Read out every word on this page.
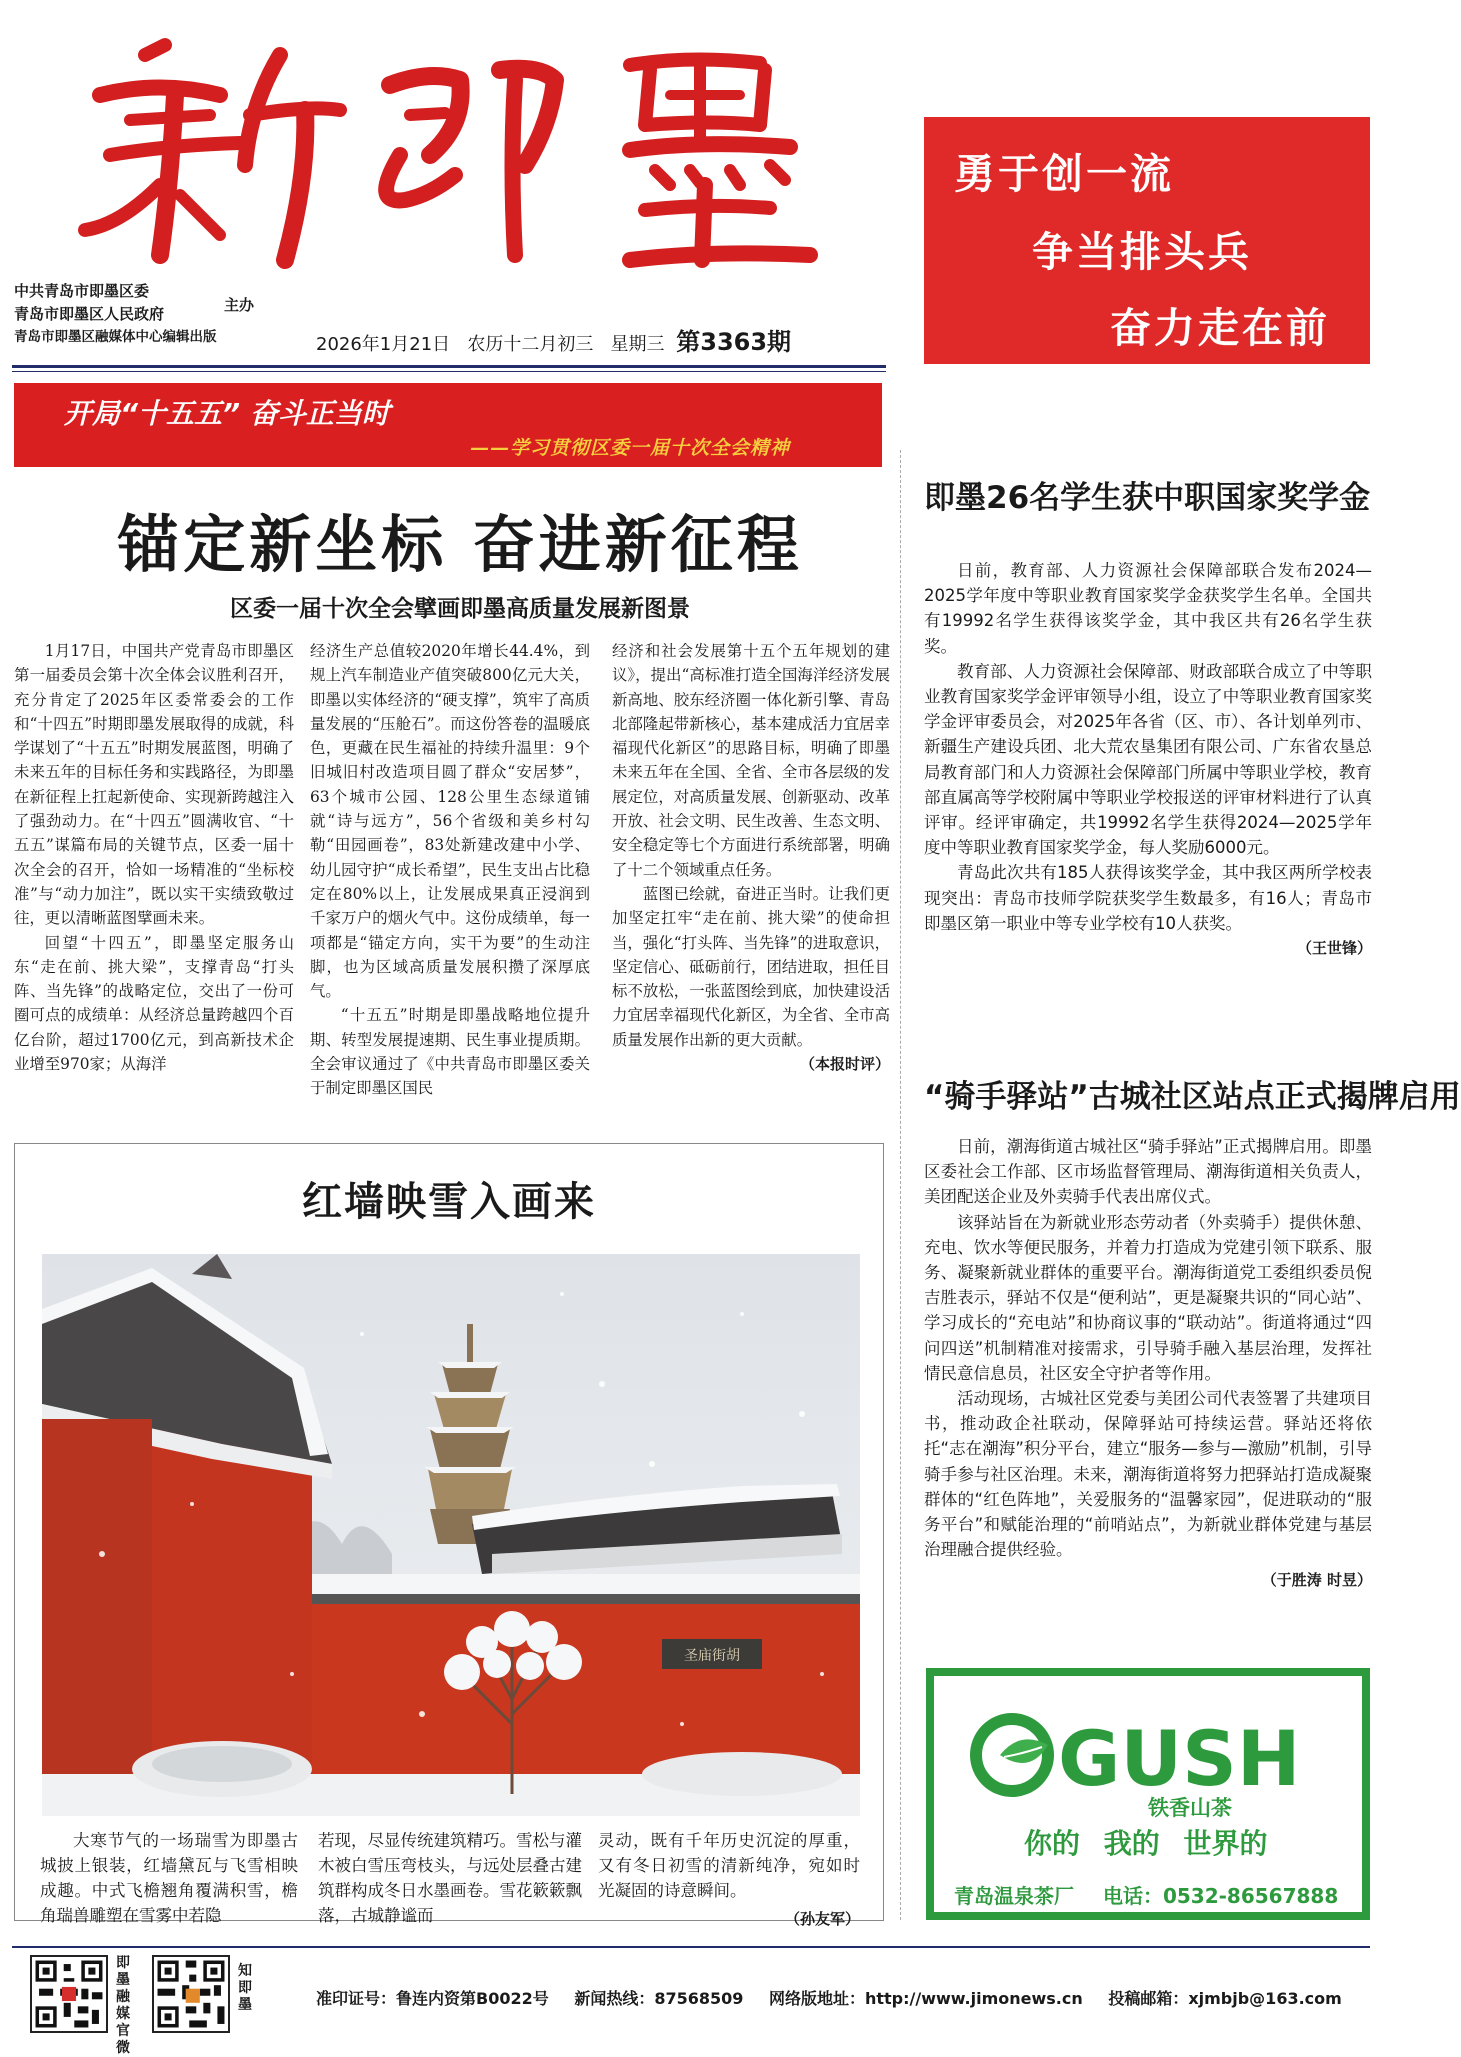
新即墨
中共青岛市即墨区委
青岛市即墨区人民政府
青岛市即墨区融媒体中心编辑出版
主办
2026年1月21日 农历十二月初三 星期三 第3363期
勇于创一流
争当排头兵
奋力走在前
开局“十五五” 奋斗正当时
——学习贯彻区委一届十次全会精神
锚定新坐标 奋进新征程
区委一届十次全会擘画即墨高质量发展新图景

1月17日，中国共产党青岛市即墨区第一届委员会第十次全体会议胜利召开，充分肯定了2025年区委常委会的工作和“十四五”时期即墨发展取得的成就，科学谋划了“十五五”时期发展蓝图，明确了未来五年的目标任务和实践路径，为即墨在新征程上扛起新使命、实现新跨越注入了强劲动力。在“十四五”圆满收官、“十五五”谋篇布局的关键节点，区委一届十次全会的召开，恰如一场精准的“坐标校准”与“动力加注”，既以实干实绩致敬过往，更以清晰蓝图擘画未来。

回望“十四五”，即墨坚定服务山东“走在前、挑大梁”，支撑青岛“打头阵、当先锋”的战略定位，交出了一份可圈可点的成绩单：从经济总量跨越四个百亿台阶，超过1700亿元，到高新技术企业增至970家；从海洋

经济生产总值较2020年增长44.4%，到规上汽车制造业产值突破800亿元大关，即墨以实体经济的“硬支撑”，筑牢了高质量发展的“压舱石”。而这份答卷的温暖底色，更藏在民生福祉的持续升温里：9个旧城旧村改造项目圆了群众“安居梦”，63个城市公园、128公里生态绿道铺就“诗与远方”，56个省级和美乡村勾勒“田园画卷”，83处新建改建中小学、幼儿园守护“成长希望”，民生支出占比稳定在80%以上，让发展成果真正浸润到千家万户的烟火气中。这份成绩单，每一项都是“锚定方向，实干为要”的生动注脚，也为区域高质量发展积攒了深厚底气。

“十五五”时期是即墨战略地位提升期、转型发展提速期、民生事业提质期。全会审议通过了《中共青岛市即墨区委关于制定即墨区国民

经济和社会发展第十五个五年规划的建议》，提出“高标准打造全国海洋经济发展新高地、胶东经济圈一体化新引擎、青岛北部隆起带新核心，基本建成活力宜居幸福现代化新区”的思路目标，明确了即墨未来五年在全国、全省、全市各层级的发展定位，对高质量发展、创新驱动、改革开放、社会文明、民生改善、生态文明、安全稳定等七个方面进行系统部署，明确了十二个领域重点任务。

蓝图已绘就，奋进正当时。让我们更加坚定扛牢“走在前、挑大梁”的使命担当，强化“打头阵、当先锋”的进取意识，坚定信心、砥砺前行，团结进取，担任目标不放松，一张蓝图绘到底，加快建设活力宜居幸福现代化新区，为全省、全市高质量发展作出新的更大贡献。

（本报时评）
红墙映雪入画来
圣庙街胡

大寒节气的一场瑞雪为即墨古城披上银装，红墙黛瓦与飞雪相映成趣。中式飞檐翘角覆满积雪，檐角瑞兽雕塑在雪雾中若隐

若现，尽显传统建筑精巧。雪松与灌木被白雪压弯枝头，与远处层叠古建筑群构成冬日水墨画卷。雪花簌簌飘落，古城静谧而

灵动，既有千年历史沉淀的厚重，又有冬日初雪的清新纯净，宛如时光凝固的诗意瞬间。

（孙友军）
即墨26名学生获中职国家奖学金

日前，教育部、人力资源社会保障部联合发布2024—2025学年度中等职业教育国家奖学金获奖学生名单。全国共有19992名学生获得该奖学金，其中我区共有26名学生获奖。

教育部、人力资源社会保障部、财政部联合成立了中等职业教育国家奖学金评审领导小组，设立了中等职业教育国家奖学金评审委员会，对2025年各省（区、市）、各计划单列市、新疆生产建设兵团、北大荒农垦集团有限公司、广东省农垦总局教育部门和人力资源社会保障部门所属中等职业学校，教育部直属高等学校附属中等职业学校报送的评审材料进行了认真评审。经评审确定，共19992名学生获得2024—2025学年度中等职业教育国家奖学金，每人奖励6000元。

青岛此次共有185人获得该奖学金，其中我区两所学校表现突出：青岛市技师学院获奖学生数最多，有16人；青岛市即墨区第一职业中等专业学校有10人获奖。

（王世锋）
“骑手驿站”古城社区站点正式揭牌启用

日前，潮海街道古城社区“骑手驿站”正式揭牌启用。即墨区委社会工作部、区市场监督管理局、潮海街道相关负责人，美团配送企业及外卖骑手代表出席仪式。

该驿站旨在为新就业形态劳动者（外卖骑手）提供休憩、充电、饮水等便民服务，并着力打造成为党建引领下联系、服务、凝聚新就业群体的重要平台。潮海街道党工委组织委员倪吉胜表示，驿站不仅是“便利站”，更是凝聚共识的“同心站”、学习成长的“充电站”和协商议事的“联动站”。街道将通过“四问四送”机制精准对接需求，引导骑手融入基层治理，发挥社情民意信息员，社区安全守护者等作用。

活动现场，古城社区党委与美团公司代表签署了共建项目书，推动政企社联动，保障驿站可持续运营。驿站还将依托“志在潮海”积分平台，建立“服务—参与—激励”机制，引导骑手参与社区治理。未来，潮海街道将努力把驿站打造成凝聚群体的“红色阵地”，关爱服务的“温馨家园”，促进联动的“服务平台”和赋能治理的“前哨站点”，为新就业群体党建与基层治理融合提供经验。

（于胜涛 时昱）
GUSH
铁香山茶
你的 我的 世界的
青岛温泉茶厂 电话：0532-86567888
即墨融媒官微
知即墨	准印证号：鲁连内资第B0022号 新闻热线：87568509 网络版地址：http://www.jimonews.cn 投稿邮箱：xjmbjb@163.com
